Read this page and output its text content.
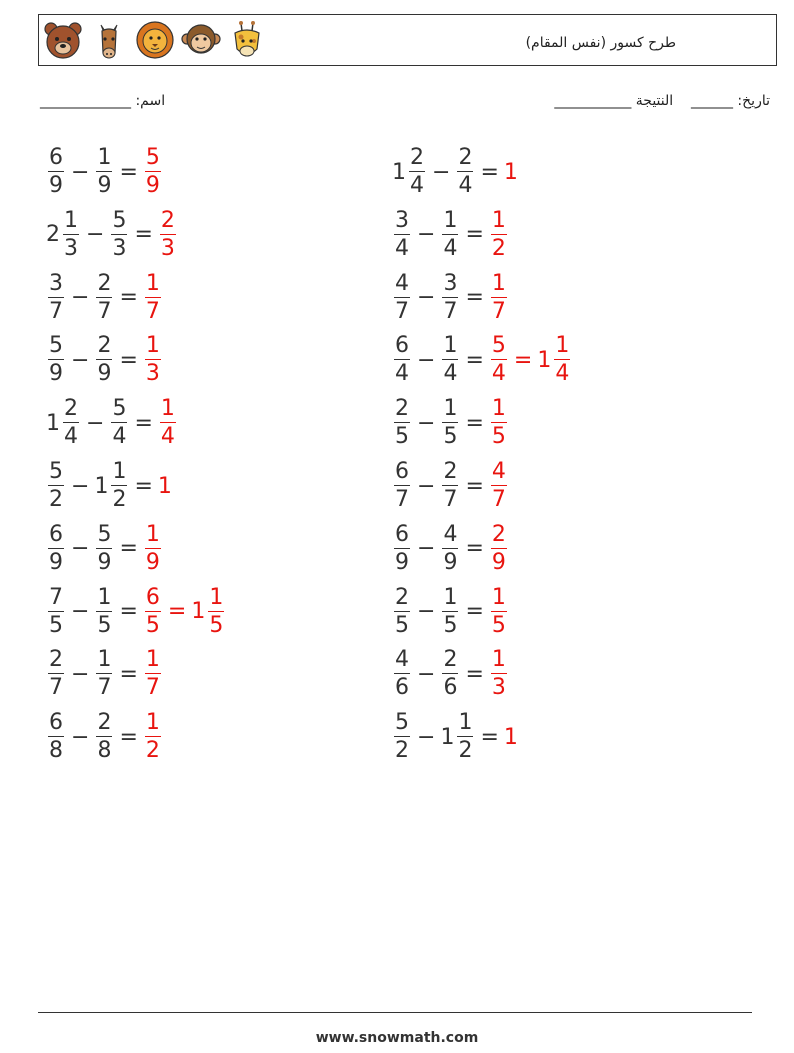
طرح كسور (نفس المقام)
اسم: _____________	تاريخ: ______    النتيجة ___________
$\frac{6}{9} - \frac{1}{9} = \frac{5}{9}$
$2 \frac{1}{3} - \frac{5}{3} = \frac{2}{3}$
$\frac{3}{7} - \frac{2}{7} = \frac{1}{7}$
$\frac{5}{9} - \frac{2}{9} = \frac{1}{3}$
$1 \frac{2}{4} - \frac{5}{4} = \frac{1}{4}$
$\frac{5}{2} - 1 \frac{1}{2} = 1$
$\frac{6}{9} - \frac{5}{9} = \frac{1}{9}$
$\frac{7}{5} - \frac{1}{5} = \frac{6}{5} = 1 \frac{1}{5}$
$\frac{2}{7} - \frac{1}{7} = \frac{1}{7}$
$\frac{6}{8} - \frac{2}{8} = \frac{1}{2}$
$1 \frac{2}{4} - \frac{2}{4} = 1$
$\frac{3}{4} - \frac{1}{4} = \frac{1}{2}$
$\frac{4}{7} - \frac{3}{7} = \frac{1}{7}$
$\frac{6}{4} - \frac{1}{4} = \frac{5}{4} = 1 \frac{1}{4}$
$\frac{2}{5} - \frac{1}{5} = \frac{1}{5}$
$\frac{6}{7} - \frac{2}{7} = \frac{4}{7}$
$\frac{6}{9} - \frac{4}{9} = \frac{2}{9}$
$\frac{2}{5} - \frac{1}{5} = \frac{1}{5}$
$\frac{4}{6} - \frac{2}{6} = \frac{1}{3}$
$\frac{5}{2} - 1 \frac{1}{2} = 1$
www.snowmath.com
